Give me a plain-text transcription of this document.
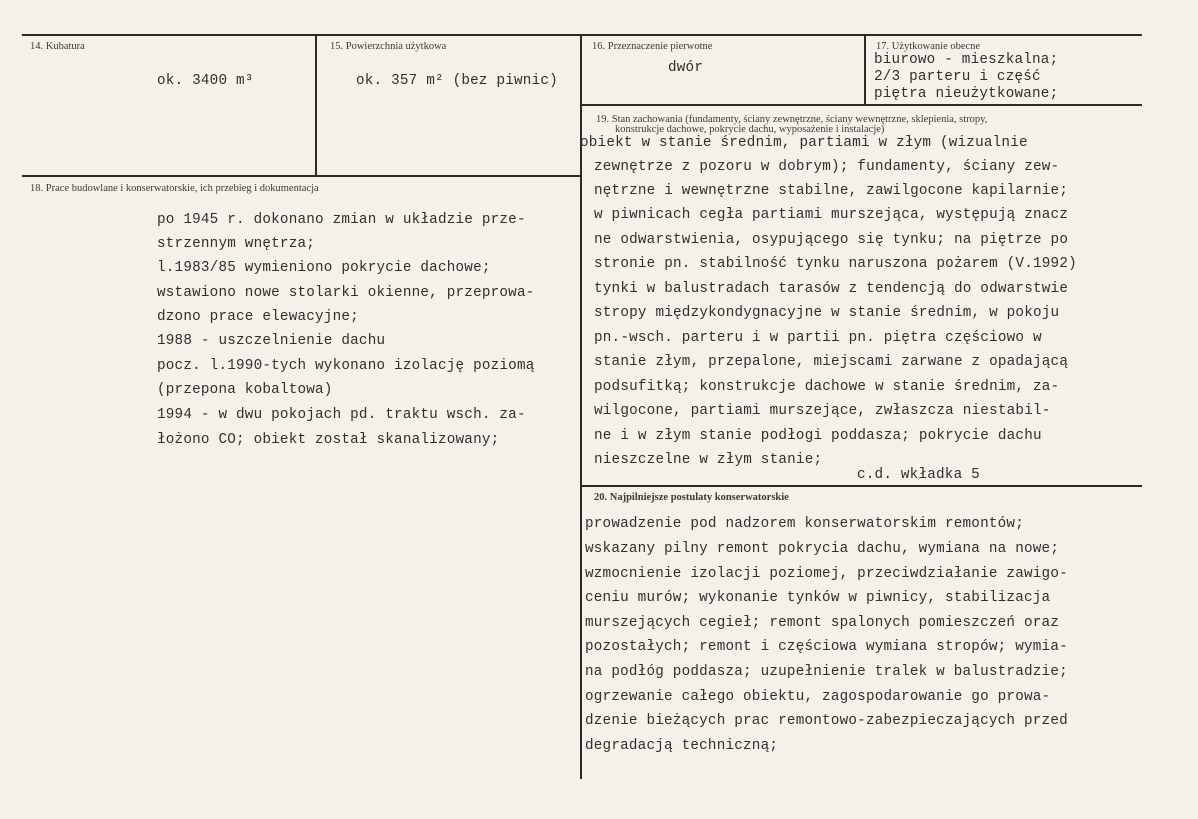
14. Kubatura
ok. 3400 m³
15. Powierzchnia użytkowa
ok. 357 m² (bez piwnic)
16. Przeznaczenie pierwotne
dwór
17. Użytkowanie obecne
biurowo - mieszkalna;
2/3 parteru i część
piętra nieużytkowane;
18. Prace budowlane i konserwatorskie, ich przebieg i dokumentacja
po 1945 r. dokonano zmian w układzie prze-
strzennym wnętrza;
l.1983/85 wymieniono pokrycie dachowe;
wstawiono nowe stolarki okienne, przeprowa-
dzono prace elewacyjne;
1988 - uszczelnienie dachu
pocz. l.1990-tych wykonano izolację poziomą
(przepona kobaltowa)
1994 - w dwu pokojach pd. traktu wsch. za-
łożono CO; obiekt został skanalizowany;
19. Stan zachowania (fundamenty, ściany zewnętrzne, ściany wewnętrzne, sklepienia, stropy,
konstrukcje dachowe, pokrycie dachu, wyposażenie i instalacje)
obiekt w stanie średnim, partiami w złym (wizualnie
zewnętrze z pozoru w dobrym); fundamenty, ściany zew-
nętrzne i wewnętrzne stabilne, zawilgocone kapilarnie;
w piwnicach cegła partiami murszejąca, występują znacz
ne odwarstwienia, osypującego się tynku; na piętrze po
stronie pn. stabilność tynku naruszona pożarem (V.1992)
tynki w balustradach tarasów z tendencją do odwarstwie
stropy międzykondygnacyjne w stanie średnim, w pokoju
pn.-wsch. parteru i w partii pn. piętra częściowo w
stanie złym, przepalone, miejscami zarwane z opadającą
podsufitką; konstrukcje dachowe w stanie średnim, za-
wilgocone, partiami murszejące, zwłaszcza niestabil-
ne i w złym stanie podłogi poddasza; pokrycie dachu
nieszczelne w złym stanie;
c.d. wkładka 5
20. Najpilniejsze postulaty konserwatorskie
prowadzenie pod nadzorem konserwatorskim remontów;
wskazany pilny remont pokrycia dachu, wymiana na nowe;
wzmocnienie izolacji poziomej, przeciwdziałanie zawigo-
ceniu murów; wykonanie tynków w piwnicy, stabilizacja
murszejących cegieł; remont spalonych pomieszczeń oraz
pozostałych; remont i częściowa wymiana stropów; wymia-
na podłóg poddasza; uzupełnienie tralek w balustradzie;
ogrzewanie całego obiektu, zagospodarowanie go prowa-
dzenie bieżących prac remontowo-zabezpieczających przed
degradacją techniczną;
